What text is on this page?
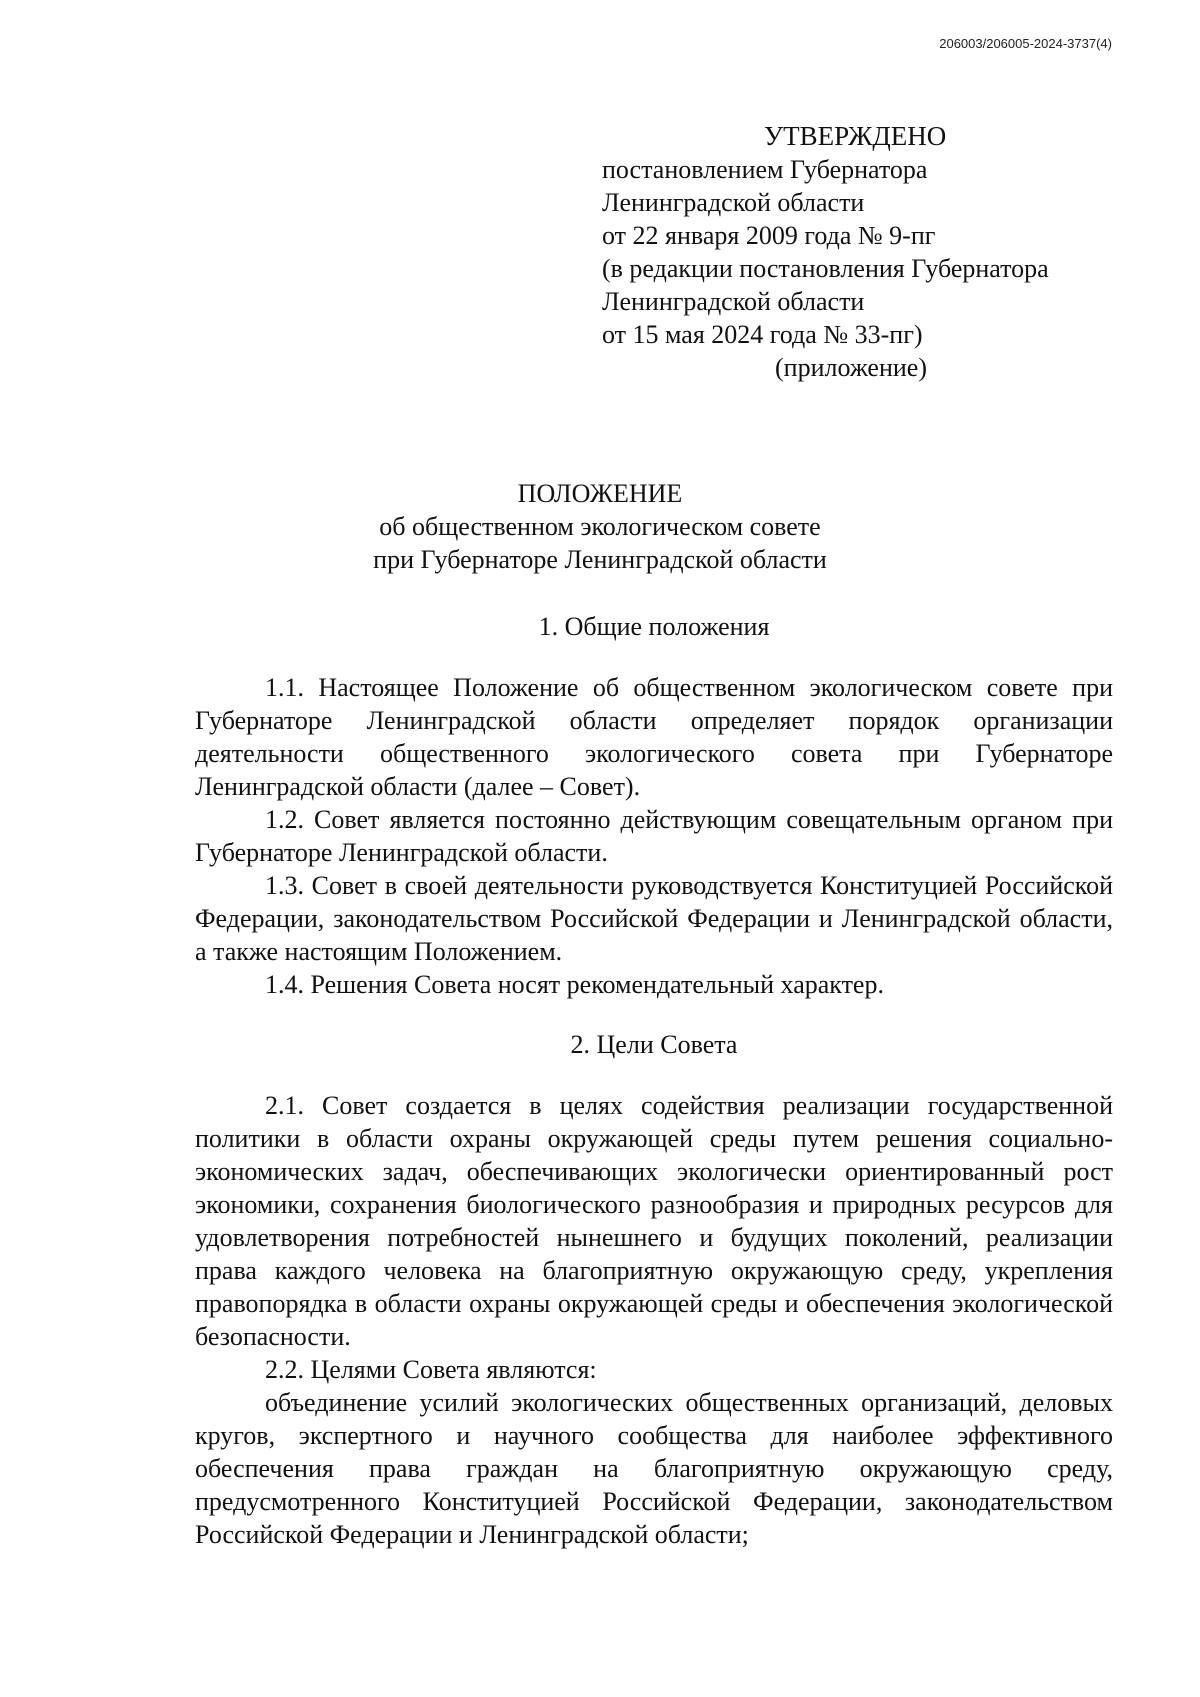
206003/206005-2024-3737(4)
УТВЕРЖДЕНО
постановлением Губернатора
Ленинградской области
от 22 января 2009 года № 9-пг
(в редакции постановления Губернатора
Ленинградской области
от 15 мая 2024 года № 33-пг)
(приложение)
ПОЛОЖЕНИЕ
об общественном экологическом совете
при Губернаторе Ленинградской области
1. Общие положения

1.1. Настоящее Положение об общественном экологическом совете при Губернаторе Ленинградской области определяет порядок организации деятельности общественного экологического совета при Губернаторе Ленинградской области (далее – Совет).

1.2. Совет является постоянно действующим совещательным органом при Губернаторе Ленинградской области.

1.3. Совет в своей деятельности руководствуется Конституцией Российской Федерации, законодательством Российской Федерации и Ленинградской области, а также настоящим Положением.

1.4. Решения Совета носят рекомендательный характер.

2. Цели Совета

2.1. Совет создается в целях содействия реализации государственной политики в области охраны окружающей среды путем решения социально-экономических задач, обеспечивающих экологически ориентированный рост экономики, сохранения биологического разнообразия и природных ресурсов для удовлетворения потребностей нынешнего и будущих поколений, реализации права каждого человека на благоприятную окружающую среду, укрепления правопорядка в области охраны окружающей среды и обеспечения экологической безопасности.

2.2. Целями Совета являются:

объединение усилий экологических общественных организаций, деловых кругов, экспертного и научного сообщества для наиболее эффективного обеспечения права граждан на благоприятную окружающую среду, предусмотренного Конституцией Российской Федерации, законодательством Российской Федерации и Ленинградской области;
